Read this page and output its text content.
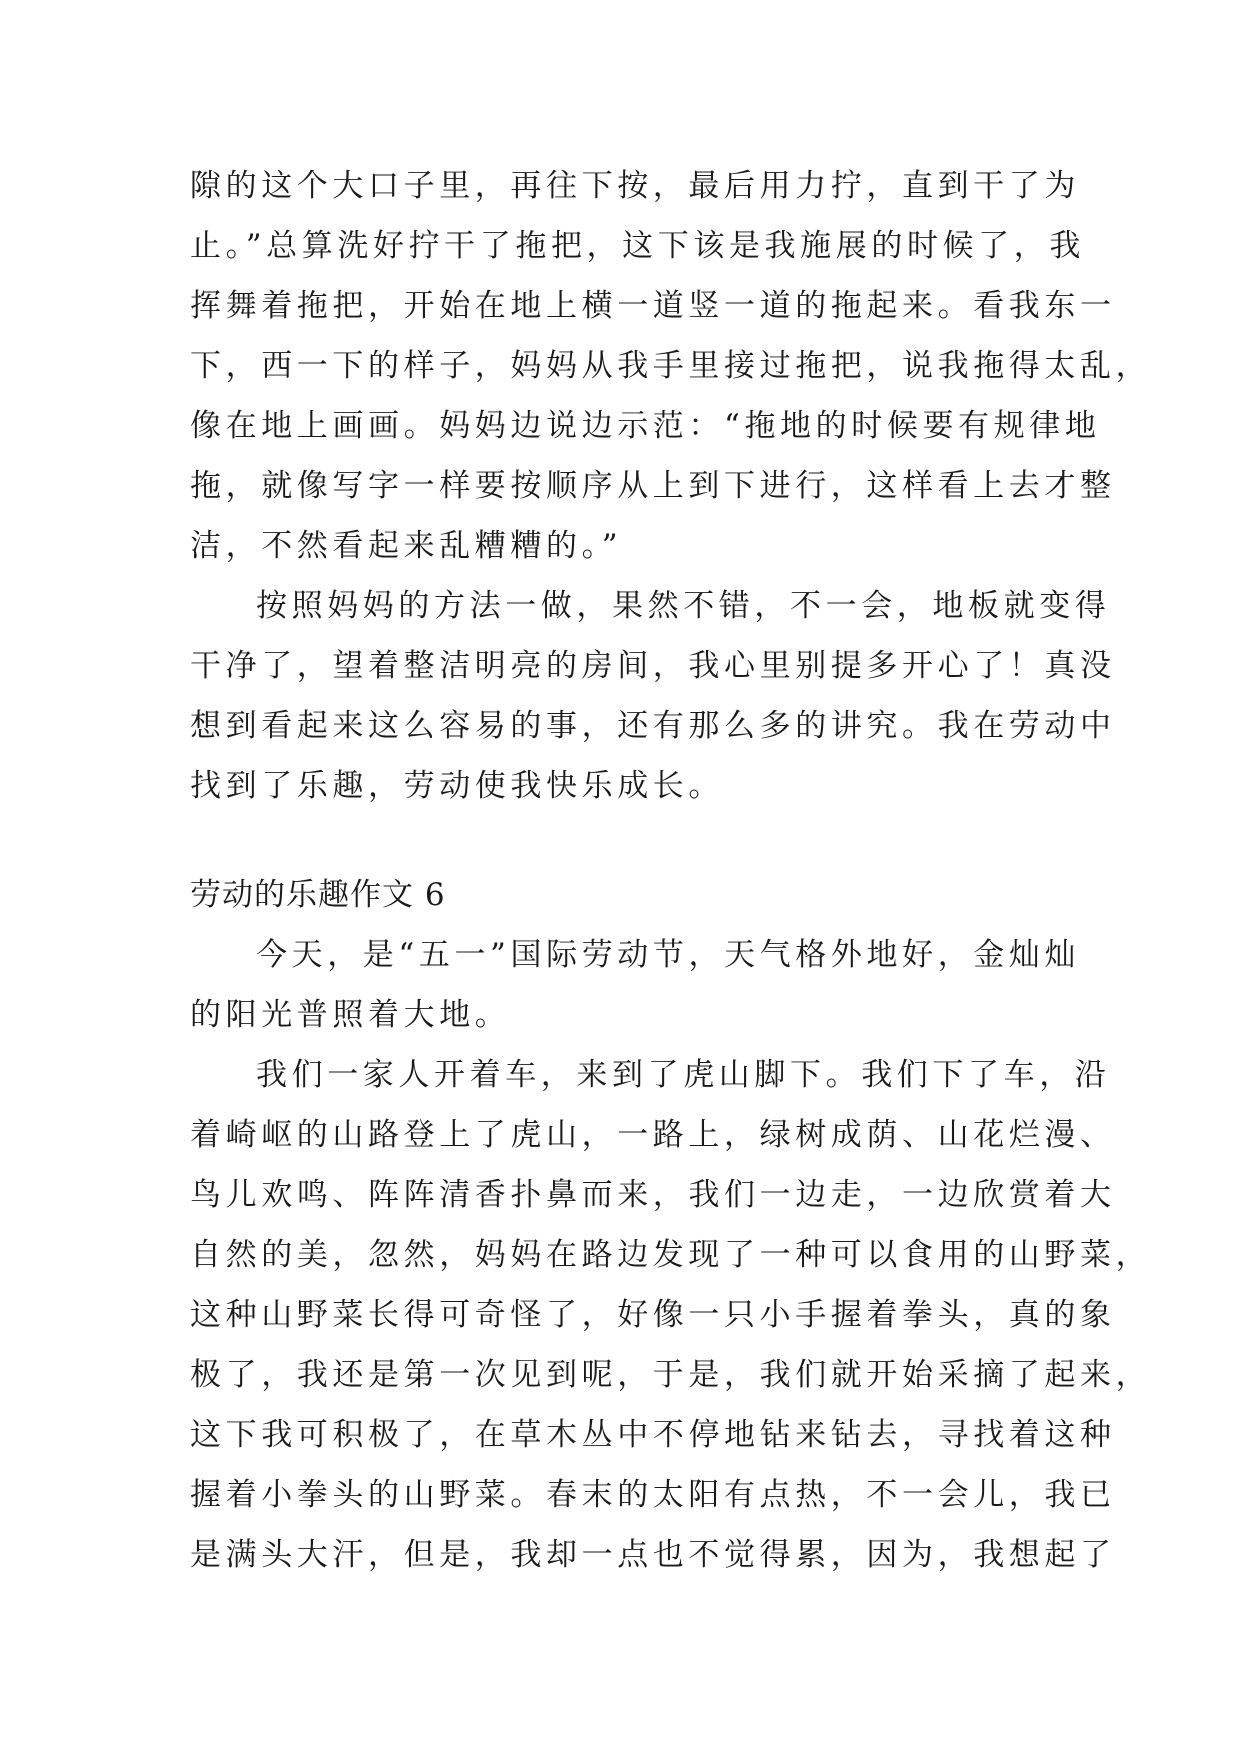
隙的这个大口子里，再往下按，最后用力拧，直到干了为
止。”总算洗好拧干了拖把，这下该是我施展的时候了，我
挥舞着拖把，开始在地上横一道竖一道的拖起来。看我东一
下，西一下的样子，妈妈从我手里接过拖把，说我拖得太乱，
像在地上画画。妈妈边说边示范：“拖地的时候要有规律地
拖，就像写字一样要按顺序从上到下进行，这样看上去才整
洁，不然看起来乱糟糟的。”
按照妈妈的方法一做，果然不错，不一会，地板就变得
干净了，望着整洁明亮的房间，我心里别提多开心了！真没
想到看起来这么容易的事，还有那么多的讲究。我在劳动中
找到了乐趣，劳动使我快乐成长。
劳动的乐趣作文 6
今天，是“五一”国际劳动节，天气格外地好，金灿灿
的阳光普照着大地。
我们一家人开着车，来到了虎山脚下。我们下了车，沿
着崎岖的山路登上了虎山，一路上，绿树成荫、山花烂漫、
鸟儿欢鸣、阵阵清香扑鼻而来，我们一边走，一边欣赏着大
自然的美，忽然，妈妈在路边发现了一种可以食用的山野菜，
这种山野菜长得可奇怪了，好像一只小手握着拳头，真的象
极了，我还是第一次见到呢，于是，我们就开始采摘了起来，
这下我可积极了，在草木丛中不停地钻来钻去，寻找着这种
握着小拳头的山野菜。春末的太阳有点热，不一会儿，我已
是满头大汗，但是，我却一点也不觉得累，因为，我想起了
